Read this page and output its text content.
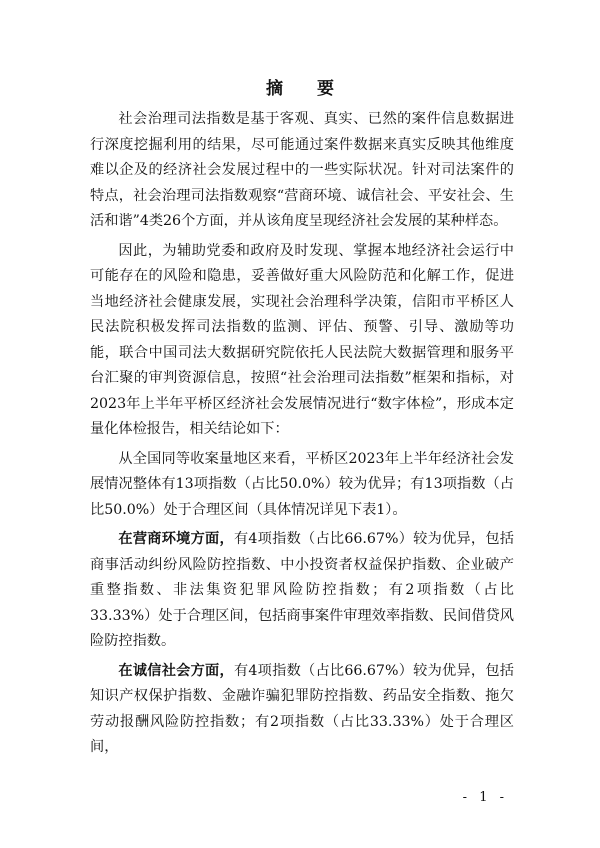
摘 要

社会治理司法指数是基于客观、真实、已然的案件信息数据进行深度挖掘利用的结果，尽可能通过案件数据来真实反映其他维度难以企及的经济社会发展过程中的一些实际状况。针对司法案件的特点，社会治理司法指数观察“营商环境、诚信社会、平安社会、生活和谐”4类26个方面，并从该角度呈现经济社会发展的某种样态。

因此，为辅助党委和政府及时发现、掌握本地经济社会运行中可能存在的风险和隐患，妥善做好重大风险防范和化解工作，促进当地经济社会健康发展，实现社会治理科学决策，信阳市平桥区人民法院积极发挥司法指数的监测、评估、预警、引导、激励等功能，联合中国司法大数据研究院依托人民法院大数据管理和服务平台汇聚的审判资源信息，按照“社会治理司法指数”框架和指标，对2023年上半年平桥区经济社会发展情况进行“数字体检”，形成本定量化体检报告，相关结论如下：

从全国同等收案量地区来看，平桥区2023年上半年经济社会发展情况整体有13项指数（占比50.0%）较为优异；有13项指数（占比50.0%）处于合理区间（具体情况详见下表1）。

在营商环境方面，有4项指数（占比66.67%）较为优异，包括商事活动纠纷风险防控指数、中小投资者权益保护指数、企业破产重整指数、非法集资犯罪风险防控指数；有2项指数（占比33.33%）处于合理区间，包括商事案件审理效率指数、民间借贷风险防控指数。

在诚信社会方面，有4项指数（占比66.67%）较为优异，包括知识产权保护指数、金融诈骗犯罪防控指数、药品安全指数、拖欠劳动报酬风险防控指数；有2项指数（占比33.33%）处于合理区间，

- 1 -
